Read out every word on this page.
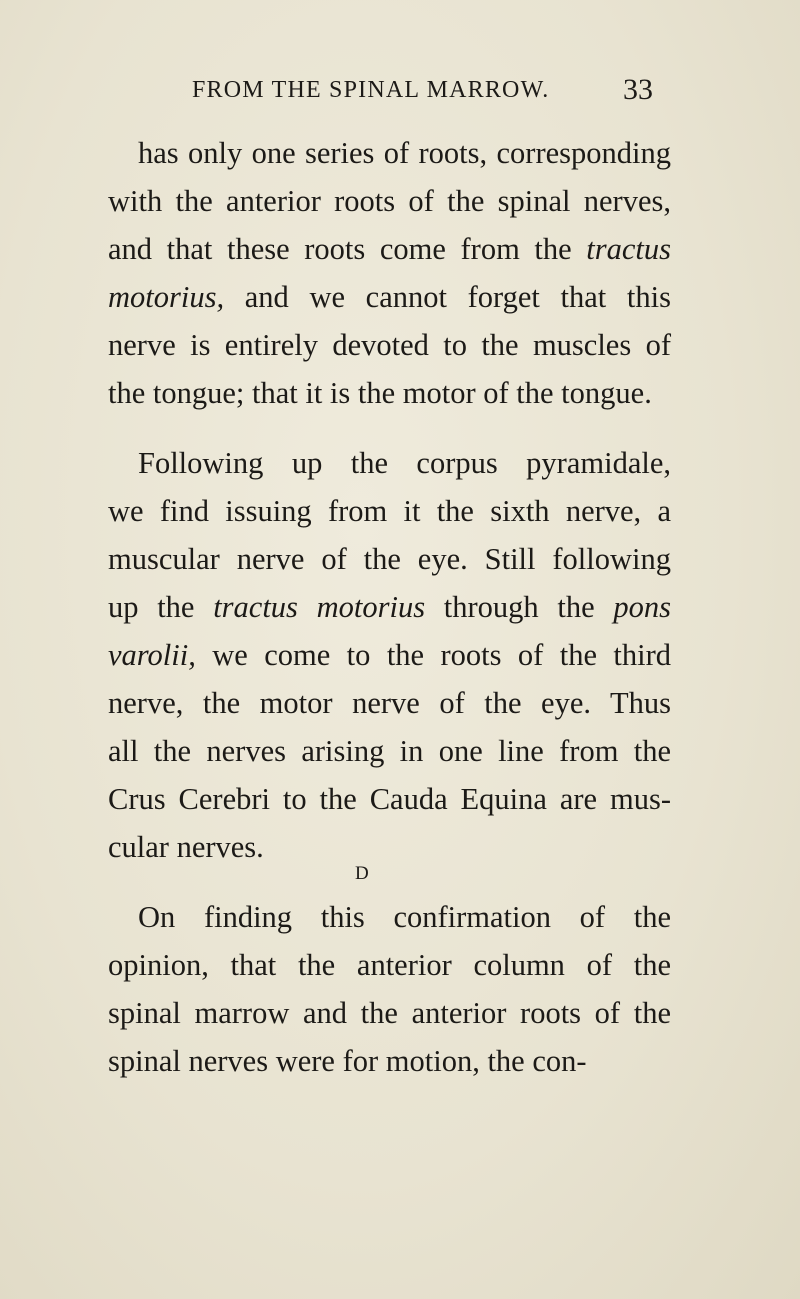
FROM THE SPINAL MARROW. 33
has only one series of roots, corresponding
with the anterior roots of the spinal nerves,
and that these roots come from the tractus
motorius, and we cannot forget that this
nerve is entirely devoted to the muscles of
the tongue; that it is the motor of the tongue.
Following up the corpus pyramidale,
we find issuing from it the sixth nerve, a
muscular nerve of the eye. Still following
up the tractus motorius through the pons
varolii, we come to the roots of the third
nerve, the motor nerve of the eye. Thus
all the nerves arising in one line from the
Crus Cerebri to the Cauda Equina are mus-
cular nerves.
On finding this confirmation of the
opinion, that the anterior column of the
spinal marrow and the anterior roots of the
spinal nerves were for motion, the con-
D
